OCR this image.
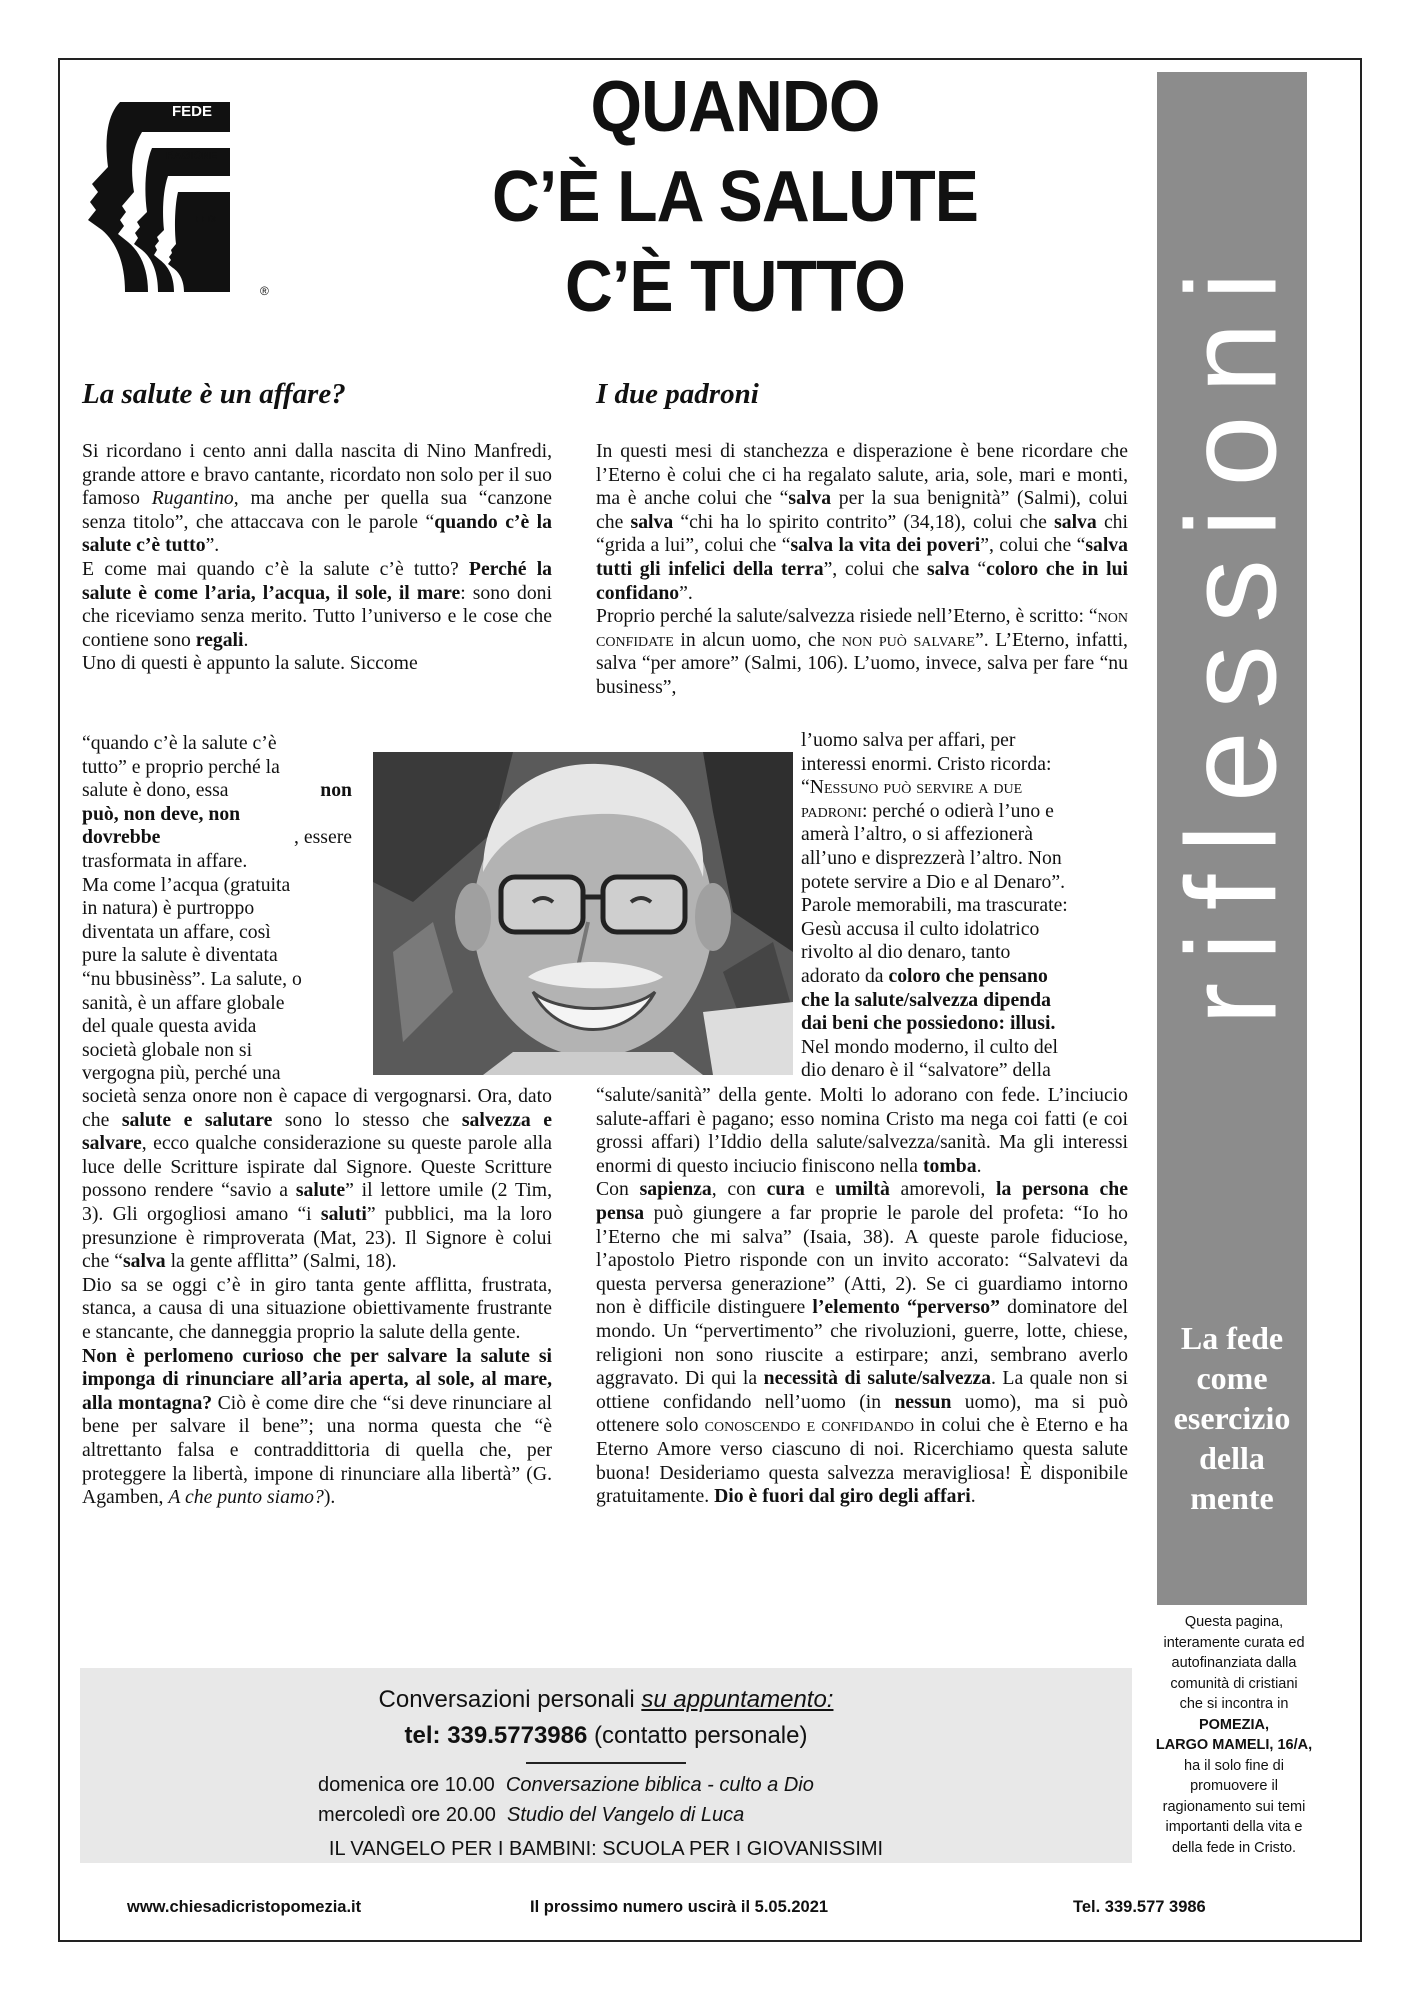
FEDE
RAGIONE
RAGIONE
FEDE
®
QUANDO
C’È LA SALUTE
C’È TUTTO	riflessioni
La fede
come
esercizio
della
mente
Questa pagina,
interamente curata ed
autofinanziata dalla
comunità di cristiani
che si incontra in
POMEZIA,
LARGO MAMELI, 16/A,
ha il solo fine di
promuovere il
ragionamento sui temi
importanti della vita e
della fede in Cristo.
La salute è un affare?

Si ricordano i cento anni dalla nascita di Nino Manfredi, grande attore e bravo cantante, ricordato non solo per il suo famoso Rugantino, ma anche per quella sua “canzone senza titolo”, che attaccava con le parole “quando c’è la salute c’è tutto”.

E come mai quando c’è la salute c’è tutto? Perché la salute è come l’aria, l’acqua, il sole, il mare: sono doni che riceviamo senza merito. Tutto l’universo e le cose che contiene sono regali.

Uno di questi è appunto la salute. Siccome

“quando c’è la salute c’è
tutto” e proprio perché la
salute è dono, essa	non
può, non deve, non
dovrebbe	, essere
trasformata in affare.
Ma come l’acqua (gratuita
in natura) è purtroppo
diventata un affare, così
pure la salute è diventata
“nu bbusinèss”. La salute, o
sanità, è un affare globale
del quale questa avida
società globale non si
vergogna più, perché una

società senza onore non è capace di vergognarsi. Ora, dato che salute e salutare sono lo stesso che salvezza e salvare, ecco qualche considerazione su queste parole alla luce delle Scritture ispirate dal Signore. Queste Scritture possono rendere “savio a salute” il lettore umile (2 Tim, 3). Gli orgogliosi amano “i saluti” pubblici, ma la loro presunzione è rimproverata (Mat, 23). Il Signore è colui che “salva la gente afflitta” (Salmi, 18).

Dio sa se oggi c’è in giro tanta gente afflitta, frustrata, stanca, a causa di una situazione obiettivamente frustrante e stancante, che danneggia proprio la salute della gente.

Non è perlomeno curioso che per salvare la salute si imponga di rinunciare all’aria aperta, al sole, al mare, alla montagna? Ciò è come dire che “si deve rinunciare al bene per salvare il bene”; una norma questa che “è altrettanto falsa e contraddittoria di quella che, per proteggere la libertà, impone di rinunciare alla libertà” (G. Agamben, A che punto siamo?).

I due padroni

In questi mesi di stanchezza e disperazione è bene ricordare che l’Eterno è colui che ci ha regalato salute, aria, sole, mari e monti, ma è anche colui che “salva per la sua benignità” (Salmi), colui che salva “chi ha lo spirito contrito” (34,18), colui che salva chi “grida a lui”, colui che “salva la vita dei poveri”, colui che “salva tutti gli infelici della terra”, colui che salva “coloro che in lui confidano”.

Proprio perché la salute/salvezza risiede nell’Eterno, è scritto: “non confidate in alcun uomo, che non può salvare”. L’Eterno, infatti, salva “per amore” (Salmi, 106). L’uomo, invece, salva per fare “nu business”,

l’uomo salva per affari, per
interessi enormi. Cristo ricorda:
“Nessuno può servire a due
padroni: perché o odierà l’uno e
amerà l’altro, o si affezionerà
all’uno e disprezzerà l’altro. Non
potete servire a Dio e al Denaro”.
Parole memorabili, ma trascurate:
Gesù accusa il culto idolatrico
rivolto al dio denaro, tanto
adorato da coloro che pensano
che la salute/salvezza dipenda
dai beni che possiedono: illusi.
Nel mondo moderno, il culto del
dio denaro è il “salvatore” della

“salute/sanità” della gente. Molti lo adorano con fede. L’inciucio salute-affari è pagano; esso nomina Cristo ma nega coi fatti (e coi grossi affari) l’Iddio della salute/salvezza/sanità. Ma gli interessi enormi di questo inciucio finiscono nella tomba.

Con sapienza, con cura e umiltà amorevoli, la persona che pensa può giungere a far proprie le parole del profeta: “Io ho l’Eterno che mi salva” (Isaia, 38). A queste parole fiduciose, l’apostolo Pietro risponde con un invito accorato: “Salvatevi da questa perversa generazione” (Atti, 2). Se ci guardiamo intorno non è difficile distinguere l’elemento “perverso” dominatore del mondo. Un “pervertimento” che rivoluzioni, guerre, lotte, chiese, religioni non sono riuscite a estirpare; anzi, sembrano averlo aggravato. Di qui la necessità di salute/salvezza. La quale non si ottiene confidando nell’uomo (in nessun uomo), ma si può ottenere solo conoscendo e confidando in colui che è Eterno e ha Eterno Amore verso ciascuno di noi. Ricerchiamo questa salute buona! Desideriamo questa salvezza meravigliosa! È disponibile gratuitamente. Dio è fuori dal giro degli affari.

Conversazioni personali su appuntamento:
tel: 339.5773986 (contatto personale)
domenica ore 10.00 Conversazione biblica - culto a Dio
mercoledì ore 20.00 Studio del Vangelo di Luca
IL VANGELO PER I BAMBINI: SCUOLA PER I GIOVANISSIMI
www.chiesadicristopomezia.it	Il prossimo numero uscirà il 5.05.2021	Tel. 339.577 3986
